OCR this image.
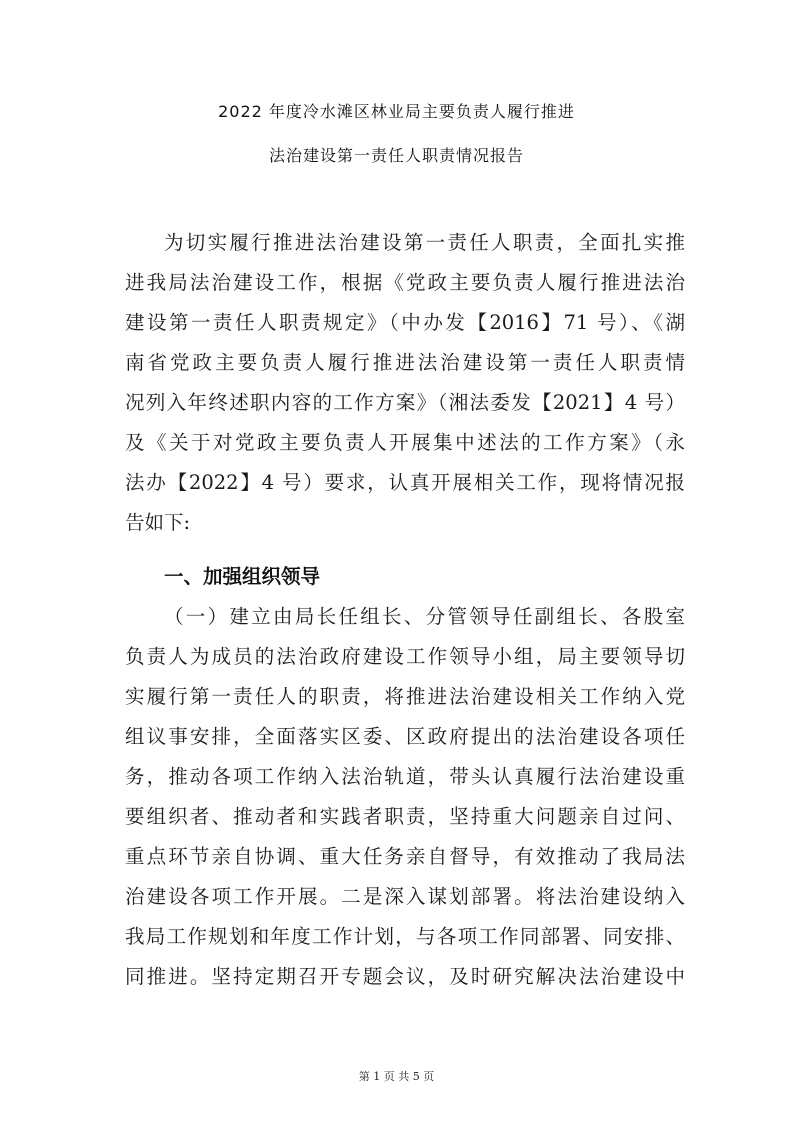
2022 年度冷水滩区林业局主要负责人履行推进
法治建设第一责任人职责情况报告
为切实履行推进法治建设第一责任人职责，全面扎实推
进我局法治建设工作，根据《党政主要负责人履行推进法治
建设第一责任人职责规定》（中办发【2016】71 号）、《湖
南省党政主要负责人履行推进法治建设第一责任人职责情
况列入年终述职内容的工作方案》（湘法委发【2021】4 号）
及《关于对党政主要负责人开展集中述法的工作方案》（永
法办【2022】4 号）要求，认真开展相关工作，现将情况报
告如下:
一、加强组织领导
（一）建立由局长任组长、分管领导任副组长、各股室
负责人为成员的法治政府建设工作领导小组，局主要领导切
实履行第一责任人的职责，将推进法治建设相关工作纳入党
组议事安排，全面落实区委、区政府提出的法治建设各项任
务，推动各项工作纳入法治轨道，带头认真履行法治建设重
要组织者、推动者和实践者职责，坚持重大问题亲自过问、
重点环节亲自协调、重大任务亲自督导，有效推动了我局法
治建设各项工作开展。二是深入谋划部署。将法治建设纳入
我局工作规划和年度工作计划，与各项工作同部署、同安排、
同推进。坚持定期召开专题会议，及时研究解决法治建设中
第 1 页 共 5 页
